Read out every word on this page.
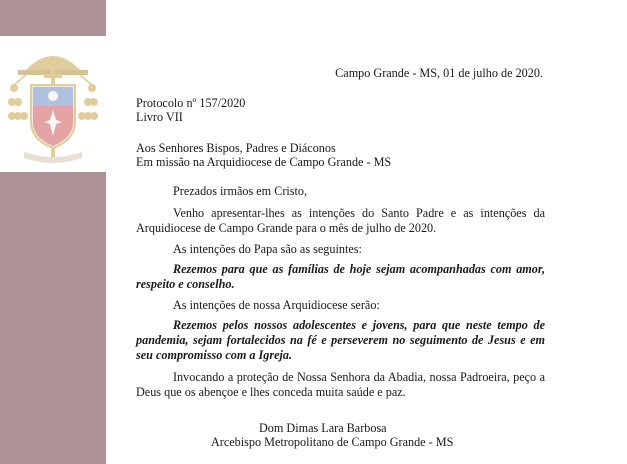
Campo Grande - MS, 01 de julho de 2020.
Protocolo nº 157/2020
Livro VII
Aos Senhores Bispos, Padres e Diáconos
Em missão na Arquidiocese de Campo Grande - MS
Prezados irmãos em Cristo,
Venho apresentar-lhes as intenções do Santo Padre e as intenções da Arquidiocese de Campo Grande para o mês de julho de 2020.
As intenções do Papa são as seguintes:
Rezemos para que as famílias de hoje sejam acompanhadas com amor, respeito e conselho.
As intenções de nossa Arquidiocese serão:
Rezemos pelos nossos adolescentes e jovens, para que neste tempo de pandemia, sejam fortalecidos na fé e perseverem no seguimento de Jesus e em seu compromisso com a Igreja.
Invocando a proteção de Nossa Senhora da Abadia, nossa Padroeira, peço a Deus que os abençoe e lhes conceda muita saúde e paz.
Dom Dimas Lara Barbosa
Arcebispo Metropolitano de Campo Grande - MS
